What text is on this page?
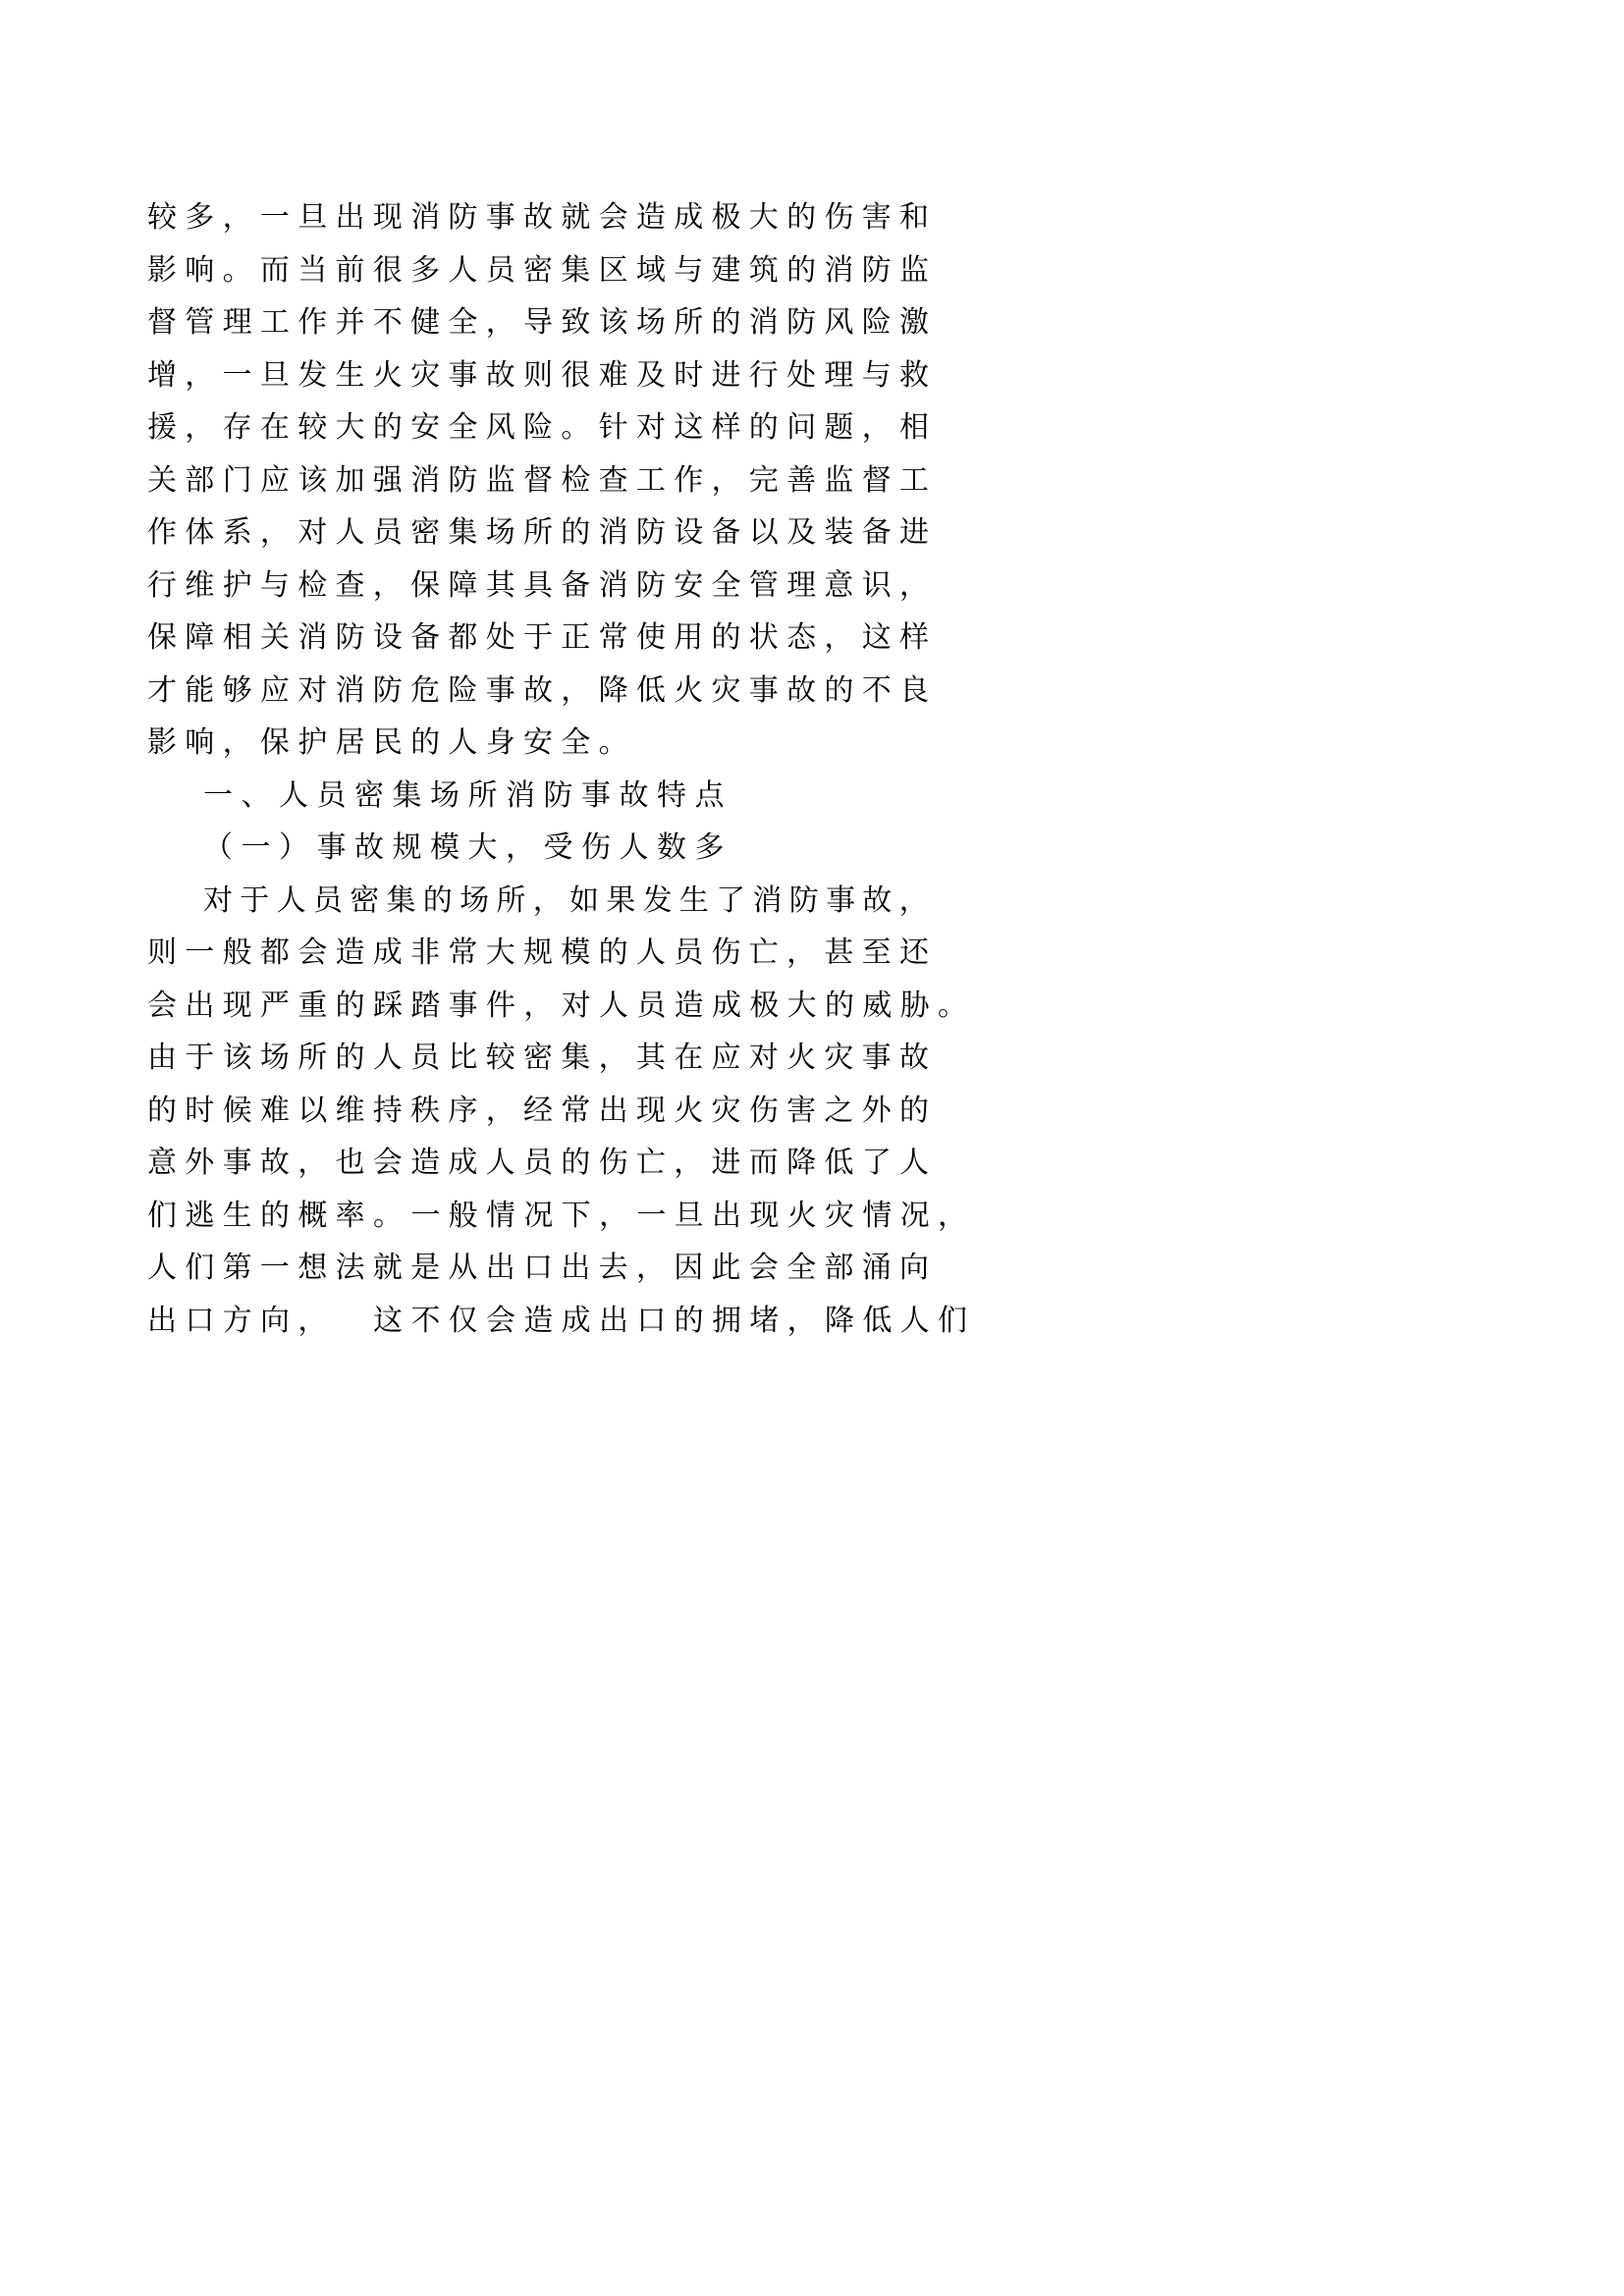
较 多 ， 一 旦 出 现 消 防 事 故 就 会 造 成 极 大 的 伤 害 和
影 响 。 而 当 前 很 多 人 员 密 集 区 域 与 建 筑 的 消 防 监
督 管 理 工 作 并 不 健 全 ， 导 致 该 场 所 的 消 防 风 险 激
增 ， 一 旦 发 生 火 灾 事 故 则 很 难 及 时 进 行 处 理 与 救
援 ， 存 在 较 大 的 安 全 风 险 。 针 对 这 样 的 问 题 ， 相
关 部 门 应 该 加 强 消 防 监 督 检 查 工 作 ， 完 善 监 督 工
作 体 系 ， 对 人 员 密 集 场 所 的 消 防 设 备 以 及 装 备 进
行 维 护 与 检 查 ， 保 障 其 具 备 消 防 安 全 管 理 意 识 ，
保 障 相 关 消 防 设 备 都 处 于 正 常 使 用 的 状 态 ， 这 样
才 能 够 应 对 消 防 危 险 事 故 ， 降 低 火 灾 事 故 的 不 良
影 响 ， 保 护 居 民 的 人 身 安 全 。
一 、 人 员 密 集 场 所 消 防 事 故 特 点
（ 一 ） 事 故 规 模 大 ， 受 伤 人 数 多
对 于 人 员 密 集 的 场 所 ， 如 果 发 生 了 消 防 事 故 ，
则 一 般 都 会 造 成 非 常 大 规 模 的 人 员 伤 亡 ， 甚 至 还
会 出 现 严 重 的 踩 踏 事 件 ， 对 人 员 造 成 极 大 的 威 胁 。
由 于 该 场 所 的 人 员 比 较 密 集 ， 其 在 应 对 火 灾 事 故
的 时 候 难 以 维 持 秩 序 ， 经 常 出 现 火 灾 伤 害 之 外 的
意 外 事 故 ， 也 会 造 成 人 员 的 伤 亡 ， 进 而 降 低 了 人
们 逃 生 的 概 率 。 一 般 情 况 下 ， 一 旦 出 现 火 灾 情 况 ，
人 们 第 一 想 法 就 是 从 出 口 出 去 ， 因 此 会 全 部 涌 向
出 口 方 向 ，
这 不 仅 会 造 成 出 口 的 拥 堵 ， 降 低 人 们
